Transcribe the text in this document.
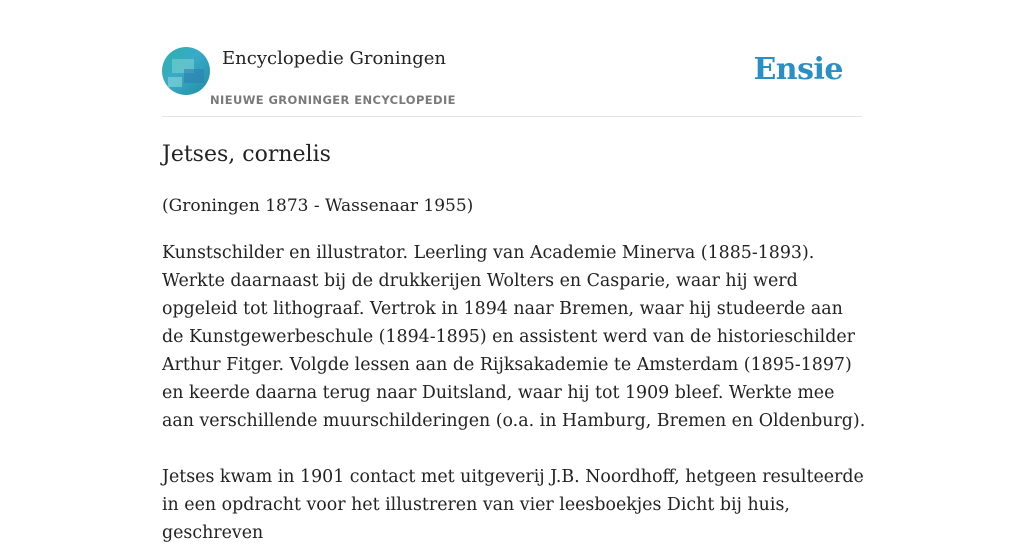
Encyclopedie Groningen
NIEUWE GRONINGER ENCYCLOPEDIE
Ensie
Jetses, cornelis
(Groningen 1873 - Wassenaar 1955)

Kunstschilder en illustrator. Leerling van Academie Minerva (1885-1893). Werkte daarnaast bij de drukkerijen Wolters en Casparie, waar hij werd opgeleid tot lithograaf. Vertrok in 1894 naar Bremen, waar hij studeerde aan de Kunstgewerbeschule (1894-1895) en assistent werd van de historieschilder Arthur Fitger. Volgde lessen aan de Rijksakademie te Amsterdam (1895-1897) en keerde daarna terug naar Duitsland, waar hij tot 1909 bleef. Werkte mee aan verschillende muurschilderingen (o.a. in Hamburg, Bremen en Oldenburg).

Jetses kwam in 1901 contact met uitgeverij J.B. Noordhoff, hetgeen resulteerde in een opdracht voor het illustreren van vier leesboekjes Dicht bij huis, geschreven
